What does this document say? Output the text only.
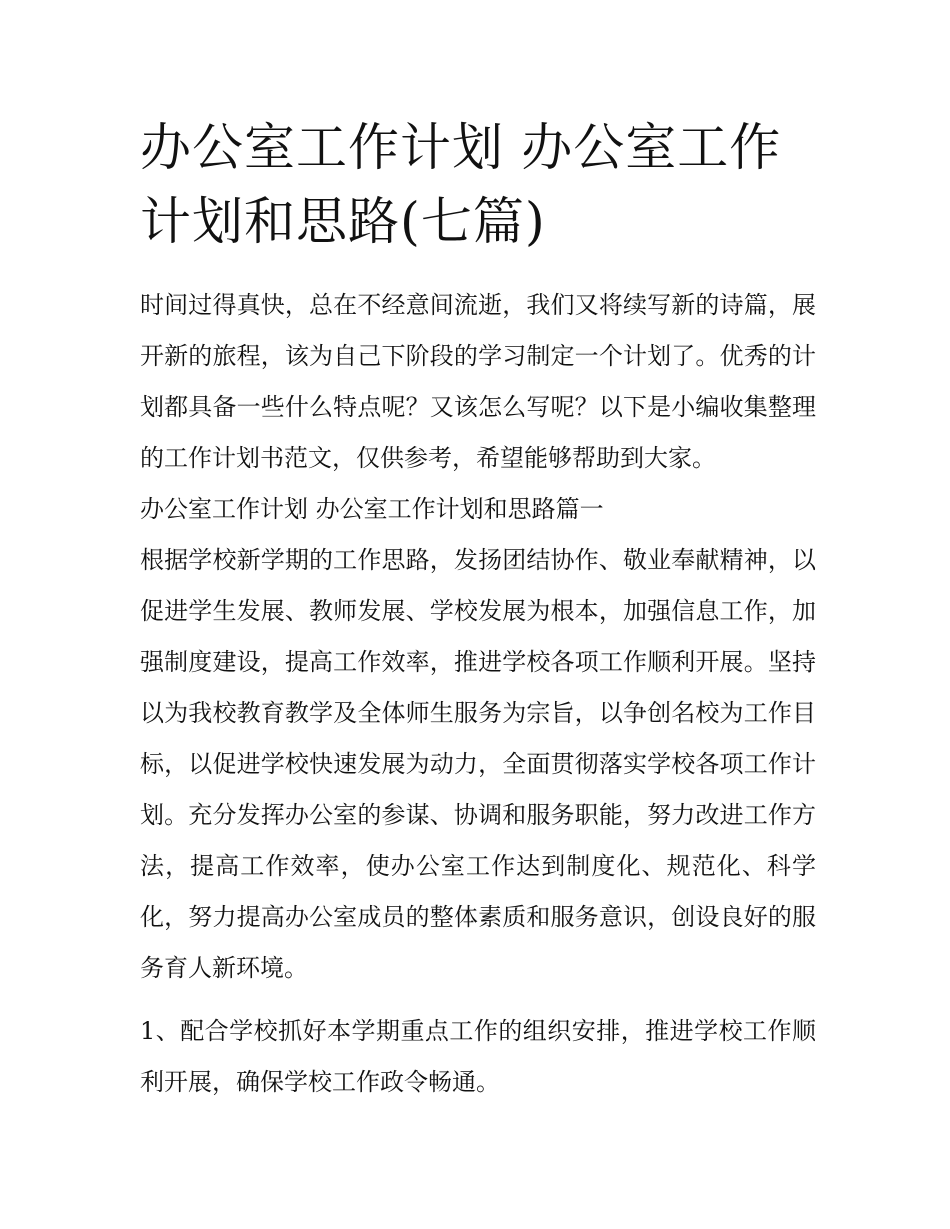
办公室工作计划 办公室工作计划和思路(七篇)

时间过得真快，总在不经意间流逝，我们又将续写新的诗篇，展开新的旅程，该为自己下阶段的学习制定一个计划了。优秀的计划都具备一些什么特点呢？又该怎么写呢？以下是小编收集整理的工作计划书范文，仅供参考，希望能够帮助到大家。

办公室工作计划 办公室工作计划和思路篇一

根据学校新学期的工作思路，发扬团结协作、敬业奉献精神，以促进学生发展、教师发展、学校发展为根本，加强信息工作，加强制度建设，提高工作效率，推进学校各项工作顺利开展。坚持以为我校教育教学及全体师生服务为宗旨，以争创名校为工作目标，以促进学校快速发展为动力，全面贯彻落实学校各项工作计划。充分发挥办公室的参谋、协调和服务职能，努力改进工作方法，提高工作效率，使办公室工作达到制度化、规范化、科学化，努力提高办公室成员的整体素质和服务意识，创设良好的服务育人新环境。

1、配合学校抓好本学期重点工作的组织安排，推进学校工作顺利开展，确保学校工作政令畅通。
